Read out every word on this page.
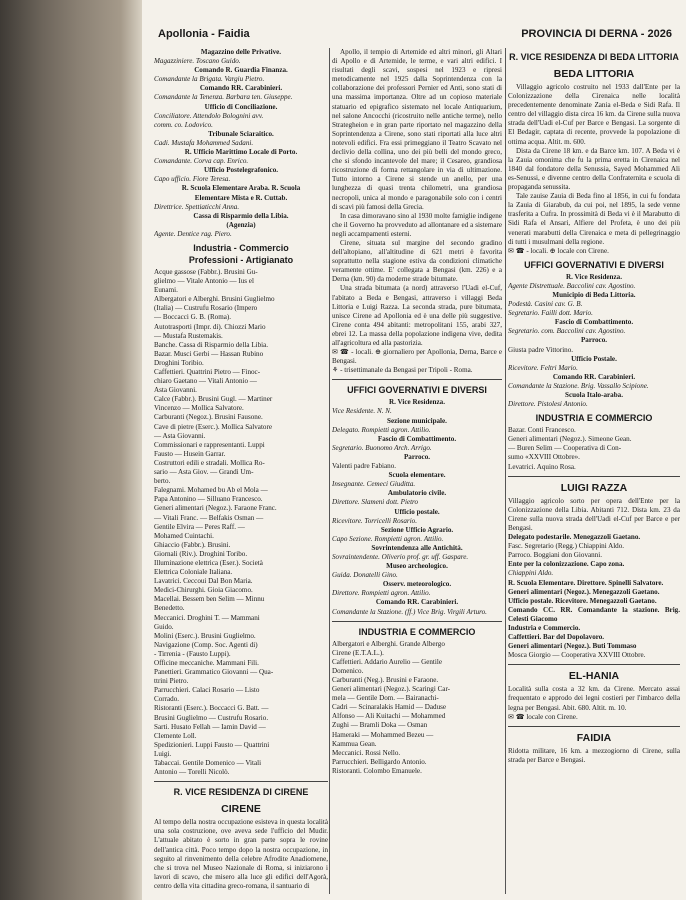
Apollonia - Faidia	PROVINCIA DI DERNA - 2026

Magazzino delle Privative.

Magazziniere. Toscano Guido.

Comando R. Guardia Finanza.

Comandante la Brigata. Vargiu Pietro.

Comando RR. Carabinieri.

Comandante la Tenenza. Barbara ten. Giuseppe.

Ufficio di Conciliazione.

Conciliatore. Attendolo Bolognini avv.

comm. co. Lodovico.

Tribunale Sciaraitico.

Cadi. Mustafa Mohammed Sadani.

R. Ufficio Marittimo Locale di Porto.

Comandante. Corva cap. Enrico.

Ufficio Postelegrafonico.

Capo ufficio. Fiore Teresa.

R. Scuola Elementare Araba. R. Scuola

Elementare Mista e R. Cuttab.

Direttrice. Spettiaticchi Anna.

Cassa di Risparmio della Libia.

(Agenzia)

Agente. Dentice rag. Piero.

Industria - Commercio
Professioni - Artigianato

Acque gassose (Fabbr.). Brusini Gu-

glielmo — Vitale Antonio — Ius el

Eunami.

Albergatori e Alberghi. Brusini Guglielmo

(Italia) — Custrufu Rosario (Impero

— Boccacci G. B. (Roma).

Autotrasporti (Impr. di). Chiozzi Mario

— Mustafa Rustemakis.

Banche. Cassa di Risparmio della Libia.

Bazar. Musci Gerbi — Hassan Rubino

Droghini Toribio.

Caffettieri. Quattrini Pietro — Finoc-

chiaro Gaetano — Vitali Antonio —

Asta Giovanni.

Calce (Fabbr.). Brusini Gugl. — Martiner

Vincenzo — Mollica Salvatore.

Carburanti (Negoz.). Brusini Fausone.

Cave di pietre (Eserc.). Mollica Salvatore

— Asta Giovanni.

Commissionari e rappresentanti. Luppi

Fausto — Husein Garrar.

Costruttori edili e stradali. Mollica Ro-

sario — Asta Giov. — Grandi Um-

berto.

Falegnami. Mohamed bu Ab el Mola —

Papa Antonino — Silluano Francesco.

Generi alimentari (Negoz.). Faraone Franc.

— Vitali Franc. — Belfakis Osman —

Gentile Elvira — Peres Raff. —

Mohamed Cuintachi.

Ghiaccio (Fabbr.). Brusini.

Giornali (Riv.). Droghini Toribo.

Illuminazione elettrica (Eser.). Società

Elettrica Coloniale Italiana.

Lavatrici. Ceccoui Dal Bon Maria.

Medici-Chirurghi. Gioia Giacomo.

Macellai. Bessem ben Selim — Minnu

Benedetto.

Meccanici. Droghini T. — Mammani

Guido.

Molini (Eserc.). Brusini Guglielmo.

Navigazione (Comp. Soc. Agenti di)

- Tirrenia - (Fausto Luppi).

Officine meccaniche. Mammani Fili.

Panettieri. Grammatico Giovanni — Qua-

ttrini Pietro.

Parrucchieri. Calaci Rosario — Listo

Corrado.

Ristoranti (Eserc.). Boccacci G. Batt. —

Brusini Guglielmo — Custrufu Rosario.

Sarti. Husato Fellah — Iamin David —

Clemente Loll.

Spedizionieri. Luppi Fausto — Quattrini

Luigi.

Tabaccai. Gentile Domenico — Vitali

Antonio — Torelli Nicolò.

R. VICE RESIDENZA DI CIRENE

CIRENE

Al tempo della nostra occupazione esisteva in questa località una sola costruzione, ove aveva sede l'ufficio del Mudir. L'attuale abitato è sorto in gran parte sopra le rovine dell'antica città. Poco tempo dopo la nostra occupazione, in seguito al rinvenimento della celebre Afrodite Anadiomene, che si trova nel Museo Nazionale di Roma, si iniziarono i lavori di scavo, che misero alla luce gli edifici dell'Agorà, centro della vita cittadina greco-romana, il santuario di

Apollo, il tempio di Artemide ed altri minori, gli Altari di Apollo e di Artemide, le terme, e vari altri edifici. I risultati degli scavi, sospesi nel 1923 e ripresi metodicamente nel 1925 dalla Soprintendenza con la collaborazione dei professori Pernier ed Anti, sono stati di una massima importanza. Oltre ad un copioso materiale statuario ed epigrafico sistemato nel locale Antiquarium, nel salone Ancocchi (ricostruito nelle antiche terme), nello Strategheion e in gran parte riportato nel magazzino della Soprintendenza a Cirene, sono stati riportati alla luce altri notevoli edifici. Fra essi primeggiano il Teatro Scavato nel declivio della collina, uno dei più belli del mondo greco, che si sfondo incantevole del mare; il Cesareo, grandiosa ricostruzione di forma rettangolare in via di ultimazione. Tutto intorno a Cirene si stende un anello, per una lunghezza di quasi trenta chilometri, una grandiosa necropoli, unica al mondo e paragonabile solo con i centri di scavi più famosi della Grecia.

In casa dimoravano sino al 1930 molte famiglie indigene che il Governo ha provveduto ad allontanare ed a sistemare negli accampamenti esterni.

Cirene, situata sul margine del secondo gradino dell'altopiano, all'altitudine di 621 metri è favorita soprattutto nella stagione estiva da condizioni climatiche veramente ottime. E' collegata a Bengasi (km. 226) e a Derna (km. 90) da moderne strade bitumate.

Una strada bitumata (a nord) attraverso l'Uadi el-Cuf, l'abitato a Beda e Bengasi, attraverso i villaggi Beda Littoria e Luigi Razza. La seconda strada, pure bitumata, unisce Cirene ad Apollonia ed è una delle più suggestive. Cirene conta 494 abitanti: metropolitani 155, arabi 327, ebrei 12. La massa della popolazione indigena vive, dedita all'agricoltura ed alla pastorizia.

✉ ☎ - locali. ⊕ giornaliero per Apollonia, Derna, Barce e Bengasi.

⚘ - trisettimanale da Bengasi per Tripoli - Roma.

UFFICI GOVERNATIVI E DIVERSI

R. Vice Residenza.

Vice Residente. N. N.

Sezione municipale.

Delegato. Rompietti agron. Attilio.

Fascio di Combattimento.

Segretario. Buonomo Arch. Arrigo.

Parroco.

Valenti padre Fabiano.

Scuola elementare.

Insegnante. Cemeci Giuditta.

Ambulatorio civile.

Direttore. Slameni dott. Pietro

Ufficio postale.

Ricevitore. Torricelli Rosario.

Sezione Ufficio Agrario.

Capo Sezione. Rompietti agron. Attilio.

Sovrintendenza alle Antichità.

Sovraintendente. Oliverio prof. gr. uff. Gaspare.

Museo archeologico.

Guida. Donatelli Gino.

Osserv. meteorologico.

Direttore. Rompietti agron. Attilio.

Comando RR. Carabinieri.

Comandante la Stazione. (ff.) Vice Brig. Virgili Arturo.

INDUSTRIA E COMMERCIO

Albergatori e Alberghi. Grande Albergo

Cirene (E.T.A.L.).

Caffettieri. Addario Aurelio — Gentile

Domenico.

Carburanti (Neg.). Brusini e Faraone.

Generi alimentari (Negoz.). Scaringi Car-

mela — Gentile Dom. — Bairanachi-

Cadri — Scinaralakis Hamid — Daduse

Alfonso — Ali Kuitachi — Mohammed

Zughi — Bramli Doka — Osman

Hameraki — Mohammed Bezeu —

Kammua Gean.

Meccanici. Rossi Nello.

Parrucchieri. Belligardo Antonio.

Ristoranti. Colombo Emanuele.

R. VICE RESIDENZA DI BEDA LITTORIA

BEDA LITTORIA

Villaggio agricolo costruito nel 1933 dall'Ente per la Colonizzazione della Cirenaica nelle località precedentemente denominate Zania el-Beda e Sidi Rafa. Il centro del villaggio dista circa 16 km. da Cirene sulla nuova strada dell'Uadi el-Cuf per Barce e Bengasi. La sorgente di El Bedagir, captata di recente, provvede la popolazione di ottima acqua. Altit. m. 600.

Dista da Cirene 18 km. e da Barce km. 107. A Beda vi è la Zauia omonima che fu la prima eretta in Cirenaica nel 1840 dal fondatore della Senussia, Sayed Mohammed Ali es-Senussi, e divenne centro della Confraternita e scuola di propaganda senussita.

Tale zauise Zauia di Beda fino al 1856, in cui fu fondata la Zauia di Giarabub, da cui poi, nel 1895, la sede venne trasferita a Cufra. In prossimità di Beda vi è il Marabutto di Sidi Rafa el Ansari, Alfiere del Profeta, è uno dei più venerati marabutti della Cirenaica e meta di pellegrinaggio di tutti i musulmani della regione.

✉ ☎ - locali. ⊕ locale con Cirene.

UFFICI GOVERNATIVI E DIVERSI

R. Vice Residenza.

Agente Distrettuale. Baccolini cav. Agostino.

Municipio di Beda Littoria.

Podestà. Casini cav. G. B.

Segretario. Failli dott. Mario.

Fascio di Combattimento.

Segretario. com. Baccolini cav. Agostino.

Parroco.

Giusta padre Vittorino.

Ufficio Postale.

Ricevitore. Feltri Mario.

Comando RR. Carabinieri.

Comandante la Stazione. Brig. Vassallo Scipione.

Scuola Italo-araba.

Direttore. Pistolesi Antonio.

INDUSTRIA E COMMERCIO

Bazar. Conti Francesco.

Generi alimentari (Negoz.). Simeone Gean.

— Buren Selim — Cooperativa di Con-

sumo «XXVIII Ottobre».

Levatrici. Aquino Rosa.

LUIGI RAZZA

Villaggio agricolo sorto per opera dell'Ente per la Colonizzazione della Libia. Abitanti 712. Dista km. 23 da Cirene sulla nuova strada dell'Uadi el-Cuf per Barce e per Bengasi.

Delegato podestarile. Menegazzoli Gaetano.

Fasc. Segretario (Regg.) Chiappini Aldo.

Parroco. Boggiani don Giovanni.

Ente per la colonizzazione. Capo zona.

Chiappini Aldo.

R. Scuola Elementare. Direttore. Spinelli Salvatore.

Generi alimentari (Negoz.). Menegazzoli Gaetano.

Ufficio postale. Ricevitore. Menegazzoli Gaetano.

Comando CC. RR. Comandante la stazione. Brig. Celesti Giacomo

Industria e Commercio.

Caffettieri. Bar del Dopolavoro.

Generi alimentari (Negoz.). Buti Tommaso

Mosca Giorgio — Cooperativa XXVIII Ottobre.

EL-HANIA

Località sulla costa a 32 km. da Cirene. Mercato assai frequentato e approdo dei legni costieri per l'imbarco della legna per Bengasi. Abit. 680. Altit. m. 10.

✉ ☎ locale con Cirene.

FAIDIA

Ridotta militare, 16 km. a mezzogiorno di Cirene, sulla strada per Barce e Bengasi.
